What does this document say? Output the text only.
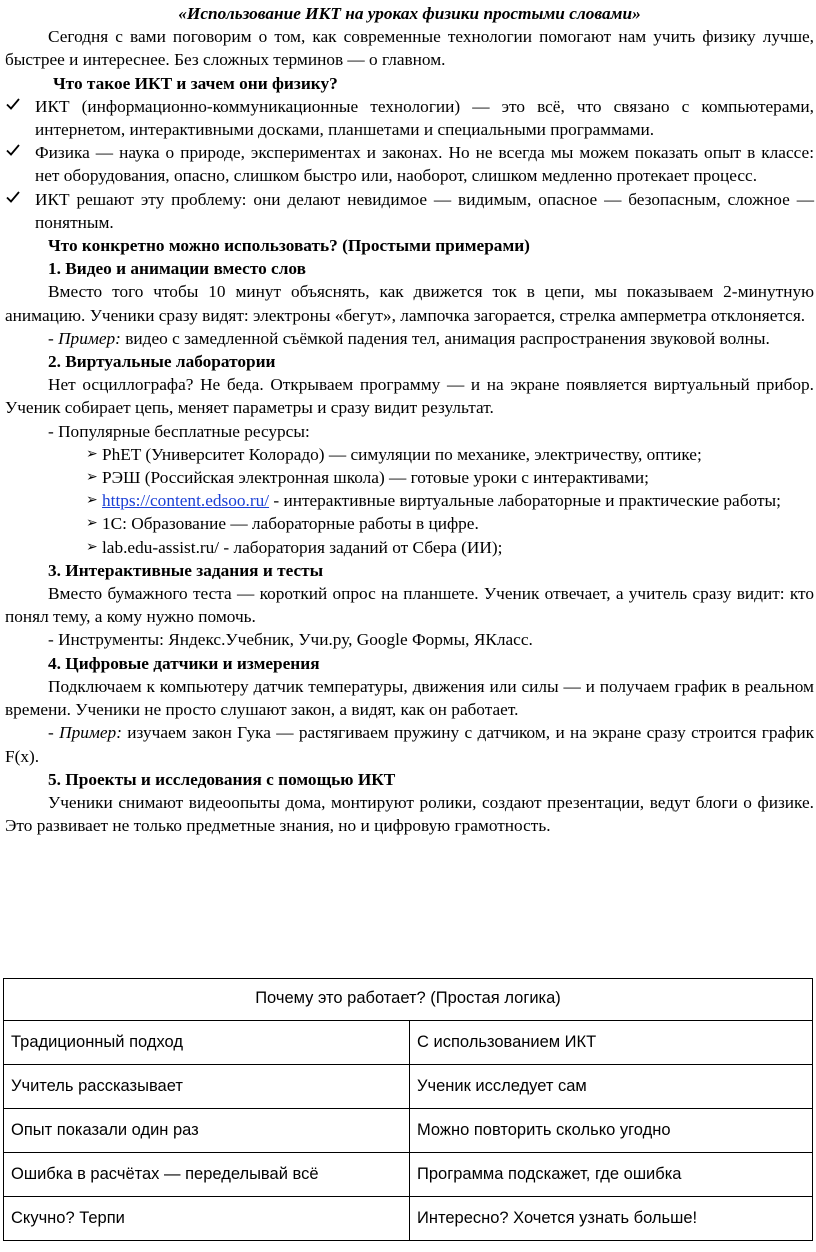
«Использование ИКТ на уроках физики простыми словами»

Сегодня с вами поговорим о том, как современные технологии помогают нам учить физику лучше, быстрее и интереснее. Без сложных терминов — о главном.

Что такое ИКТ и зачем они физику?

ИКТ (информационно-коммуникационные технологии) — это всё, что связано с компьютерами, интернетом, интерактивными досками, планшетами и специальными программами.
Физика — наука о природе, экспериментах и законах. Но не всегда мы можем показать опыт в классе: нет оборудования, опасно, слишком быстро или, наоборот, слишком медленно протекает процесс.
ИКТ решают эту проблему: они делают невидимое — видимым, опасное — безопасным, сложное — понятным.

Что конкретно можно использовать? (Простыми примерами)

1. Видео и анимации вместо слов

Вместо того чтобы 10 минут объяснять, как движется ток в цепи, мы показываем 2-минутную анимацию. Ученики сразу видят: электроны «бегут», лампочка загорается, стрелка амперметра отклоняется.

- Пример: видео с замедленной съёмкой падения тел, анимация распространения звуковой волны.

2. Виртуальные лаборатории

Нет осциллографа? Не беда. Открываем программу — и на экране появляется виртуальный прибор. Ученик собирает цепь, меняет параметры и сразу видит результат.

- Популярные бесплатные ресурсы:

➢ PhET (Университет Колорадо) — симуляции по механике, электричеству, оптике;
➢ РЭШ (Российская электронная школа) — готовые уроки с интерактивами;
➢ https://content.edsoo.ru/ - интерактивные виртуальные лабораторные и практические работы;
➢ 1С: Образование — лабораторные работы в цифре.
➢ lab.edu-assist.ru/ - лаборатория заданий от Сбера (ИИ);

3. Интерактивные задания и тесты

Вместо бумажного теста — короткий опрос на планшете. Ученик отвечает, а учитель сразу видит: кто понял тему, а кому нужно помочь.

- Инструменты: Яндекс.Учебник, Учи.ру, Google Формы, ЯКласс.

4. Цифровые датчики и измерения

Подключаем к компьютеру датчик температуры, движения или силы — и получаем график в реальном времени. Ученики не просто слушают закон, а видят, как он работает.

- Пример: изучаем закон Гука — растягиваем пружину с датчиком, и на экране сразу строится график F(x).

5. Проекты и исследования с помощью ИКТ

Ученики снимают видеоопыты дома, монтируют ролики, создают презентации, ведут блоги о физике. Это развивает не только предметные знания, но и цифровую грамотность.

Почему это работает? (Простая логика)	
Традиционный подход	С использованием ИКТ
Учитель рассказывает	Ученик исследует сам
Опыт показали один раз	Можно повторить сколько угодно
Ошибка в расчётах — переделывай всё	Программа подскажет, где ошибка
Скучно? Терпи	Интересно? Хочется узнать больше!
